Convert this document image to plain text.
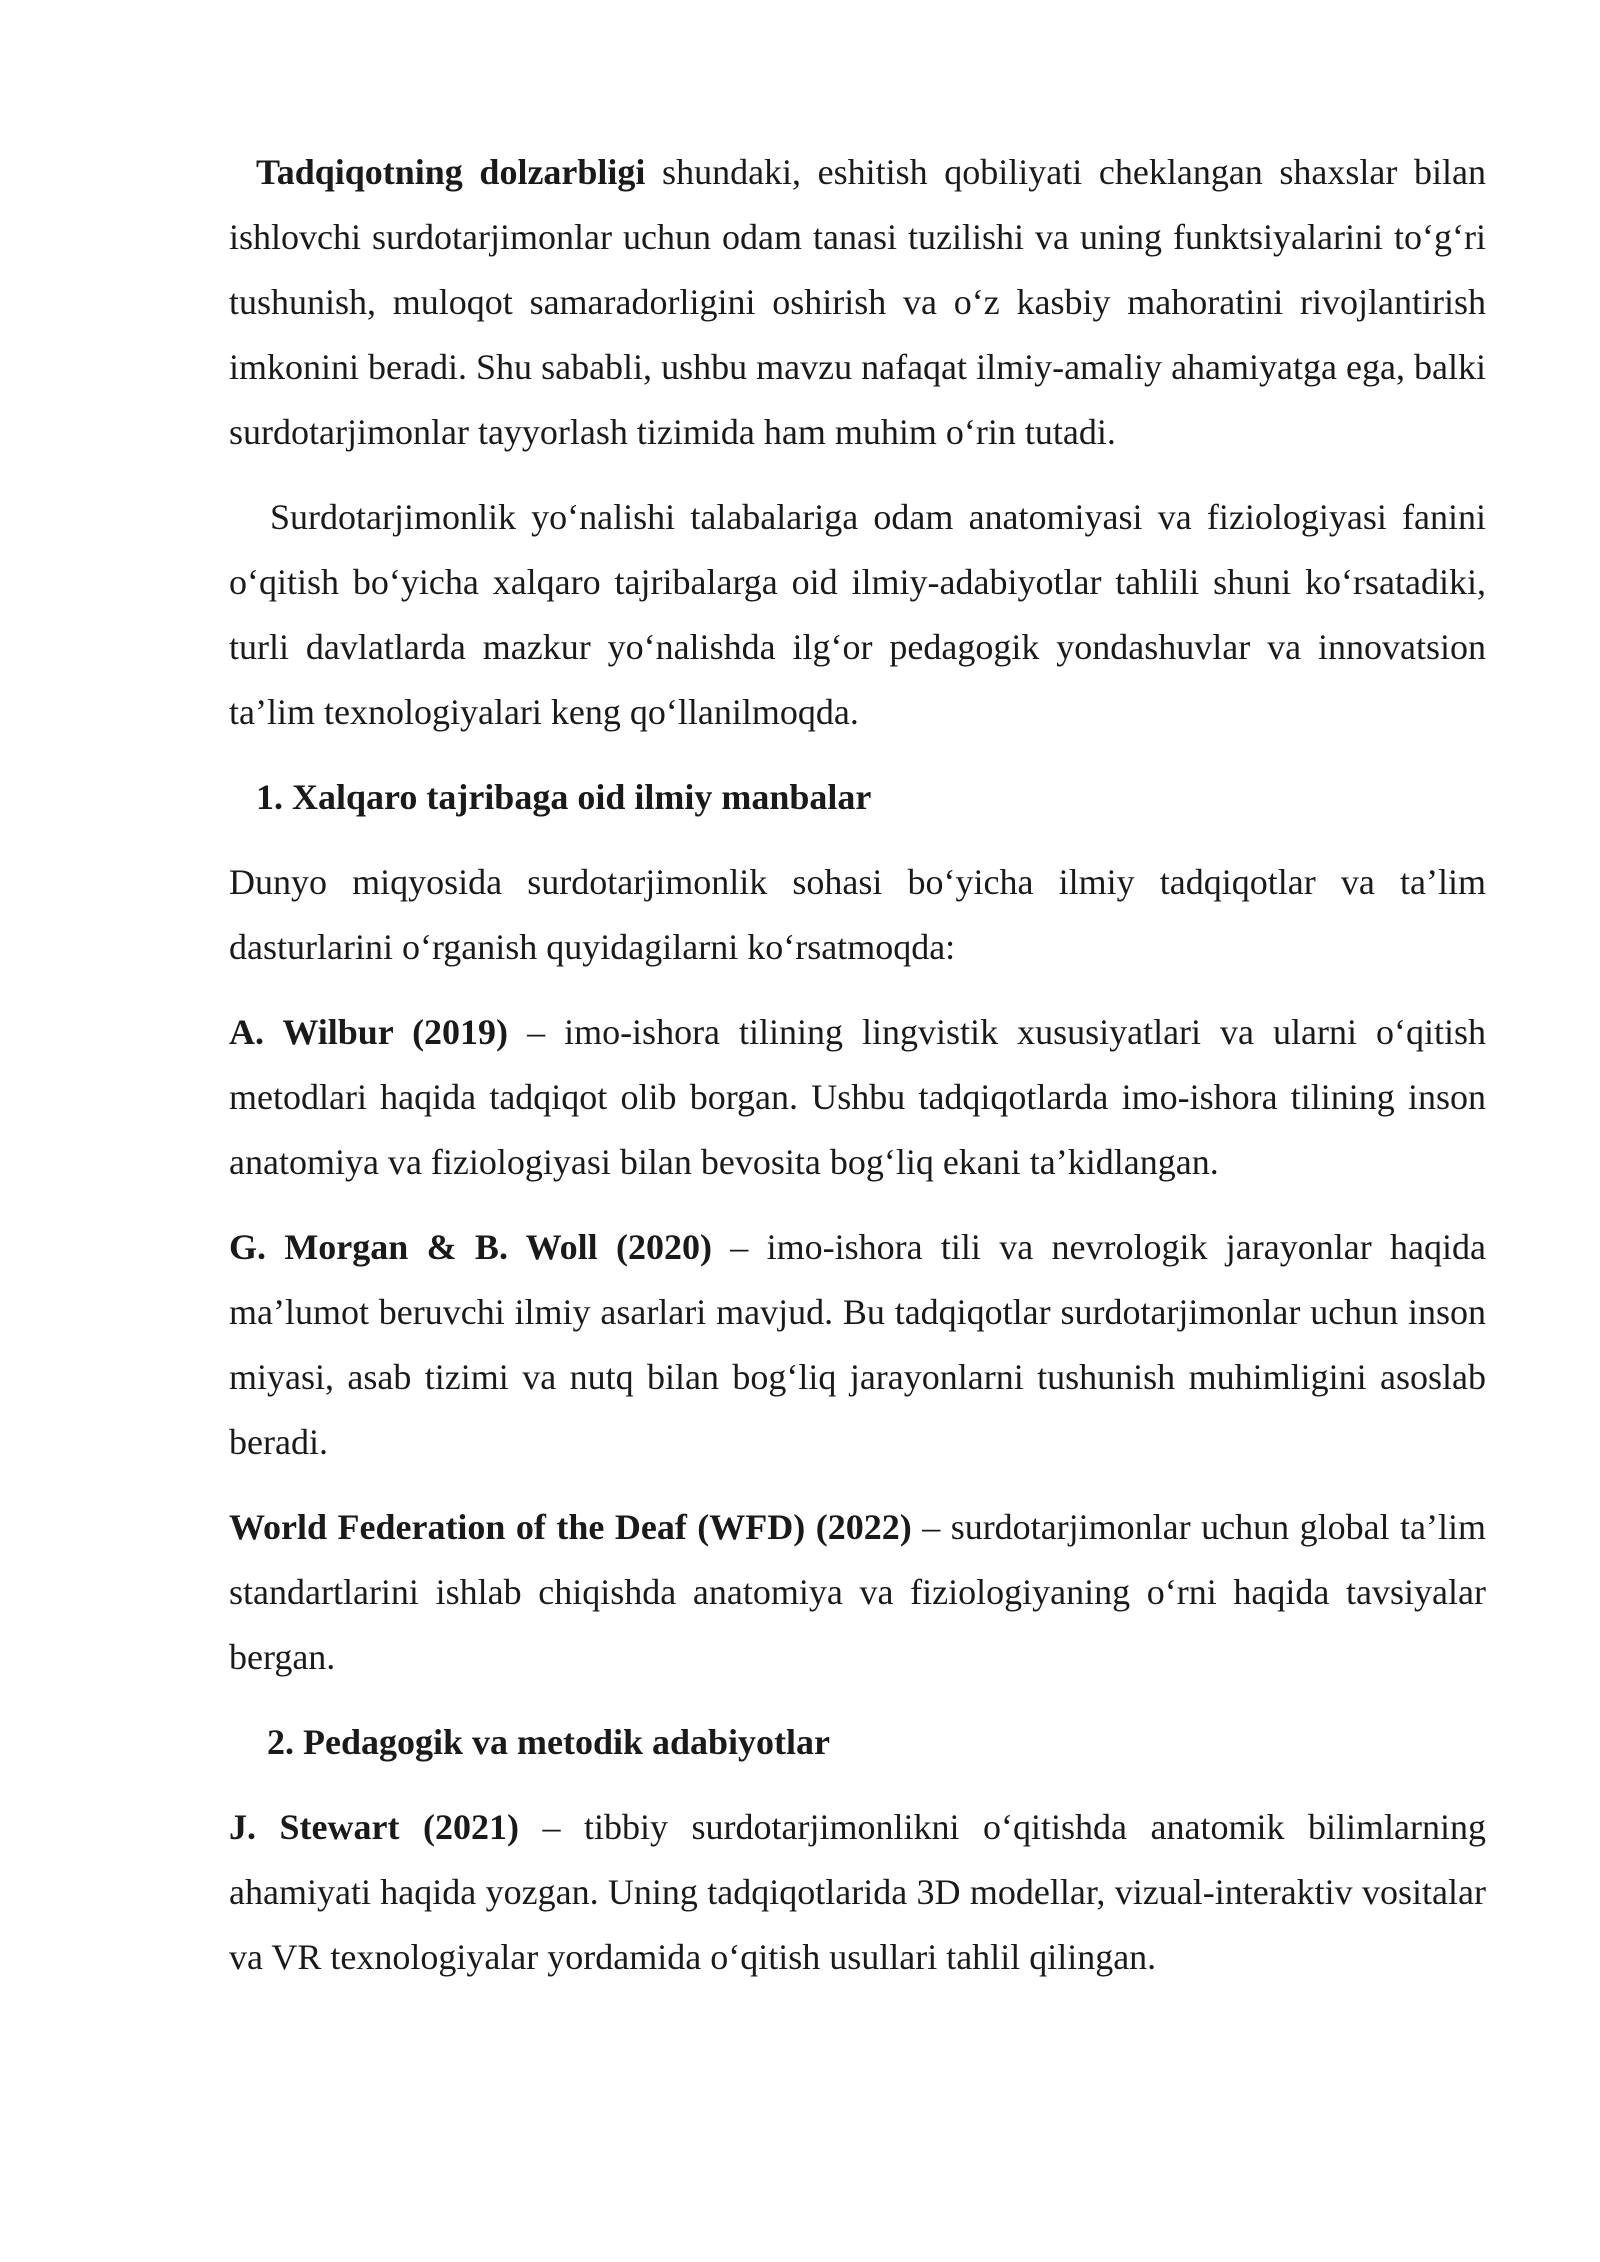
Tadqiqotning dolzarbligi shundaki, eshitish qobiliyati cheklangan shaxslar bilan ishlovchi surdotarjimonlar uchun odam tanasi tuzilishi va uning funktsiyalarini to‘g‘ri tushunish, muloqot samaradorligini oshirish va o‘z kasbiy mahoratini rivojlantirish imkonini beradi. Shu sababli, ushbu mavzu nafaqat ilmiy-amaliy ahamiyatga ega, balki surdotarjimonlar tayyorlash tizimida ham muhim o‘rin tutadi.

Surdotarjimonlik yo‘nalishi talabalariga odam anatomiyasi va fiziologiyasi fanini o‘qitish bo‘yicha xalqaro tajribalarga oid ilmiy-adabiyotlar tahlili shuni ko‘rsatadiki, turli davlatlarda mazkur yo‘nalishda ilg‘or pedagogik yondashuvlar va innovatsion ta’lim texnologiyalari keng qo‘llanilmoqda.

1. Xalqaro tajribaga oid ilmiy manbalar

Dunyo miqyosida surdotarjimonlik sohasi bo‘yicha ilmiy tadqiqotlar va ta’lim dasturlarini o‘rganish quyidagilarni ko‘rsatmoqda:

A. Wilbur (2019) – imo-ishora tilining lingvistik xususiyatlari va ularni o‘qitish metodlari haqida tadqiqot olib borgan. Ushbu tadqiqotlarda imo-ishora tilining inson anatomiya va fiziologiyasi bilan bevosita bog‘liq ekani ta’kidlangan.

G. Morgan & B. Woll (2020) – imo-ishora tili va nevrologik jarayonlar haqida ma’lumot beruvchi ilmiy asarlari mavjud. Bu tadqiqotlar surdotarjimonlar uchun inson miyasi, asab tizimi va nutq bilan bog‘liq jarayonlarni tushunish muhimligini asoslab beradi.

World Federation of the Deaf (WFD) (2022) – surdotarjimonlar uchun global ta’lim standartlarini ishlab chiqishda anatomiya va fiziologiyaning o‘rni haqida tavsiyalar bergan.

2. Pedagogik va metodik adabiyotlar

J. Stewart (2021) – tibbiy surdotarjimonlikni o‘qitishda anatomik bilimlarning ahamiyati haqida yozgan. Uning tadqiqotlarida 3D modellar, vizual-interaktiv vositalar va VR texnologiyalar yordamida o‘qitish usullari tahlil qilingan.
